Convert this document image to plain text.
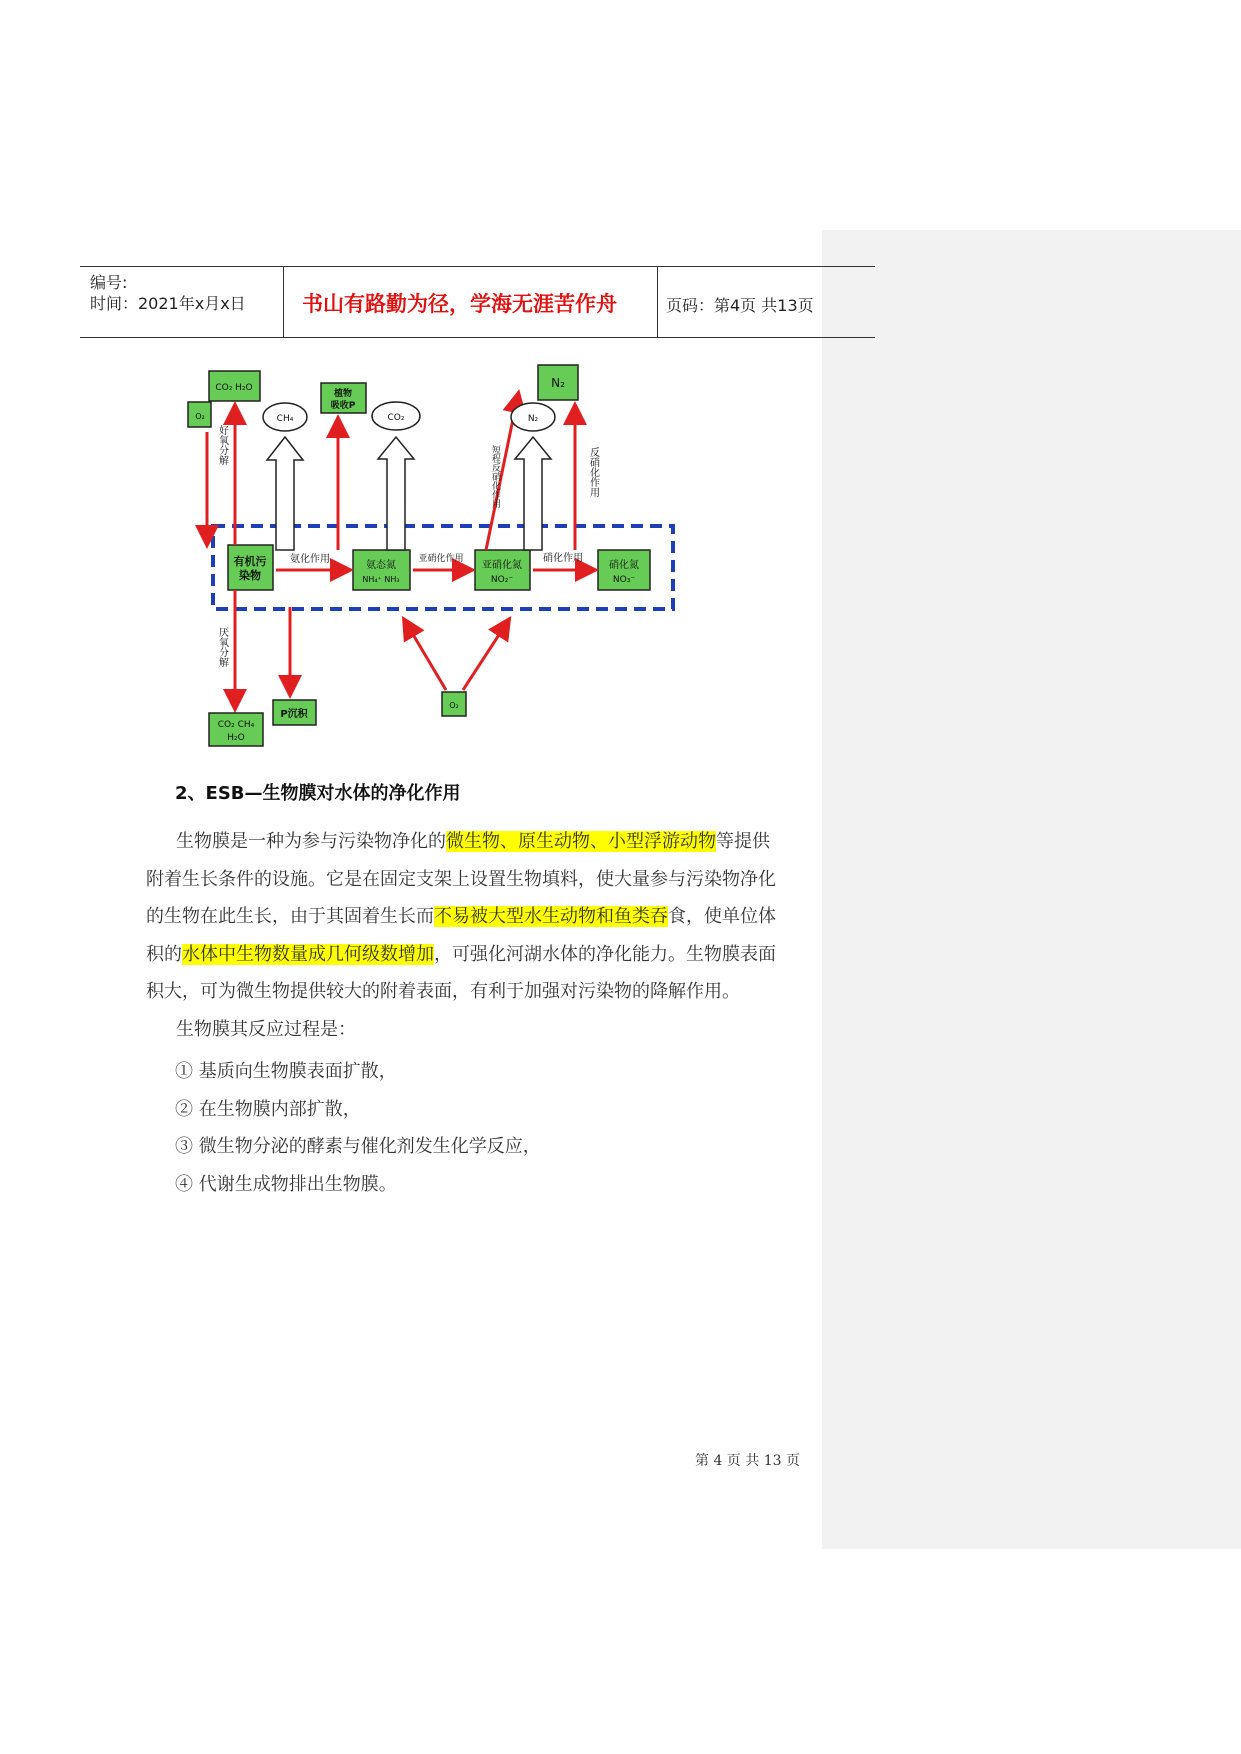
编号:
时间：2021年x月x日	书山有路勤为径，学海无涯苦作舟	页码：第4页 共13页
有机污
染物
氨态氮
NH₄⁺ NH₃
亚硝化氮
NO₂⁻
硝化氮
NO₃⁻
氨化作用	亚硝化作用	硝化作用
CO₂ H₂O
O₂
好氧分解
CH₄
植物
吸收P
CO₂
N₂
短程反硝化作用	反硝化作用
N₂
厌氧分解
CO₂ CH₄
H₂O
P沉积
O₂
2、ESB—生物膜对水体的净化作用
生物膜是一种为参与污染物净化的微生物、原生动物、小型浮游动物等提供
附着生长条件的设施。它是在固定支架上设置生物填料，使大量参与污染物净化
的生物在此生长，由于其固着生长而不易被大型水生动物和鱼类吞食，使单位体
积的水体中生物数量成几何级数增加，可强化河湖水体的净化能力。生物膜表面
积大，可为微生物提供较大的附着表面，有利于加强对污染物的降解作用。
生物膜其反应过程是：
① 基质向生物膜表面扩散，
② 在生物膜内部扩散，
③ 微生物分泌的酵素与催化剂发生化学反应，
④ 代谢生成物排出生物膜。
第 4 页 共 13 页
